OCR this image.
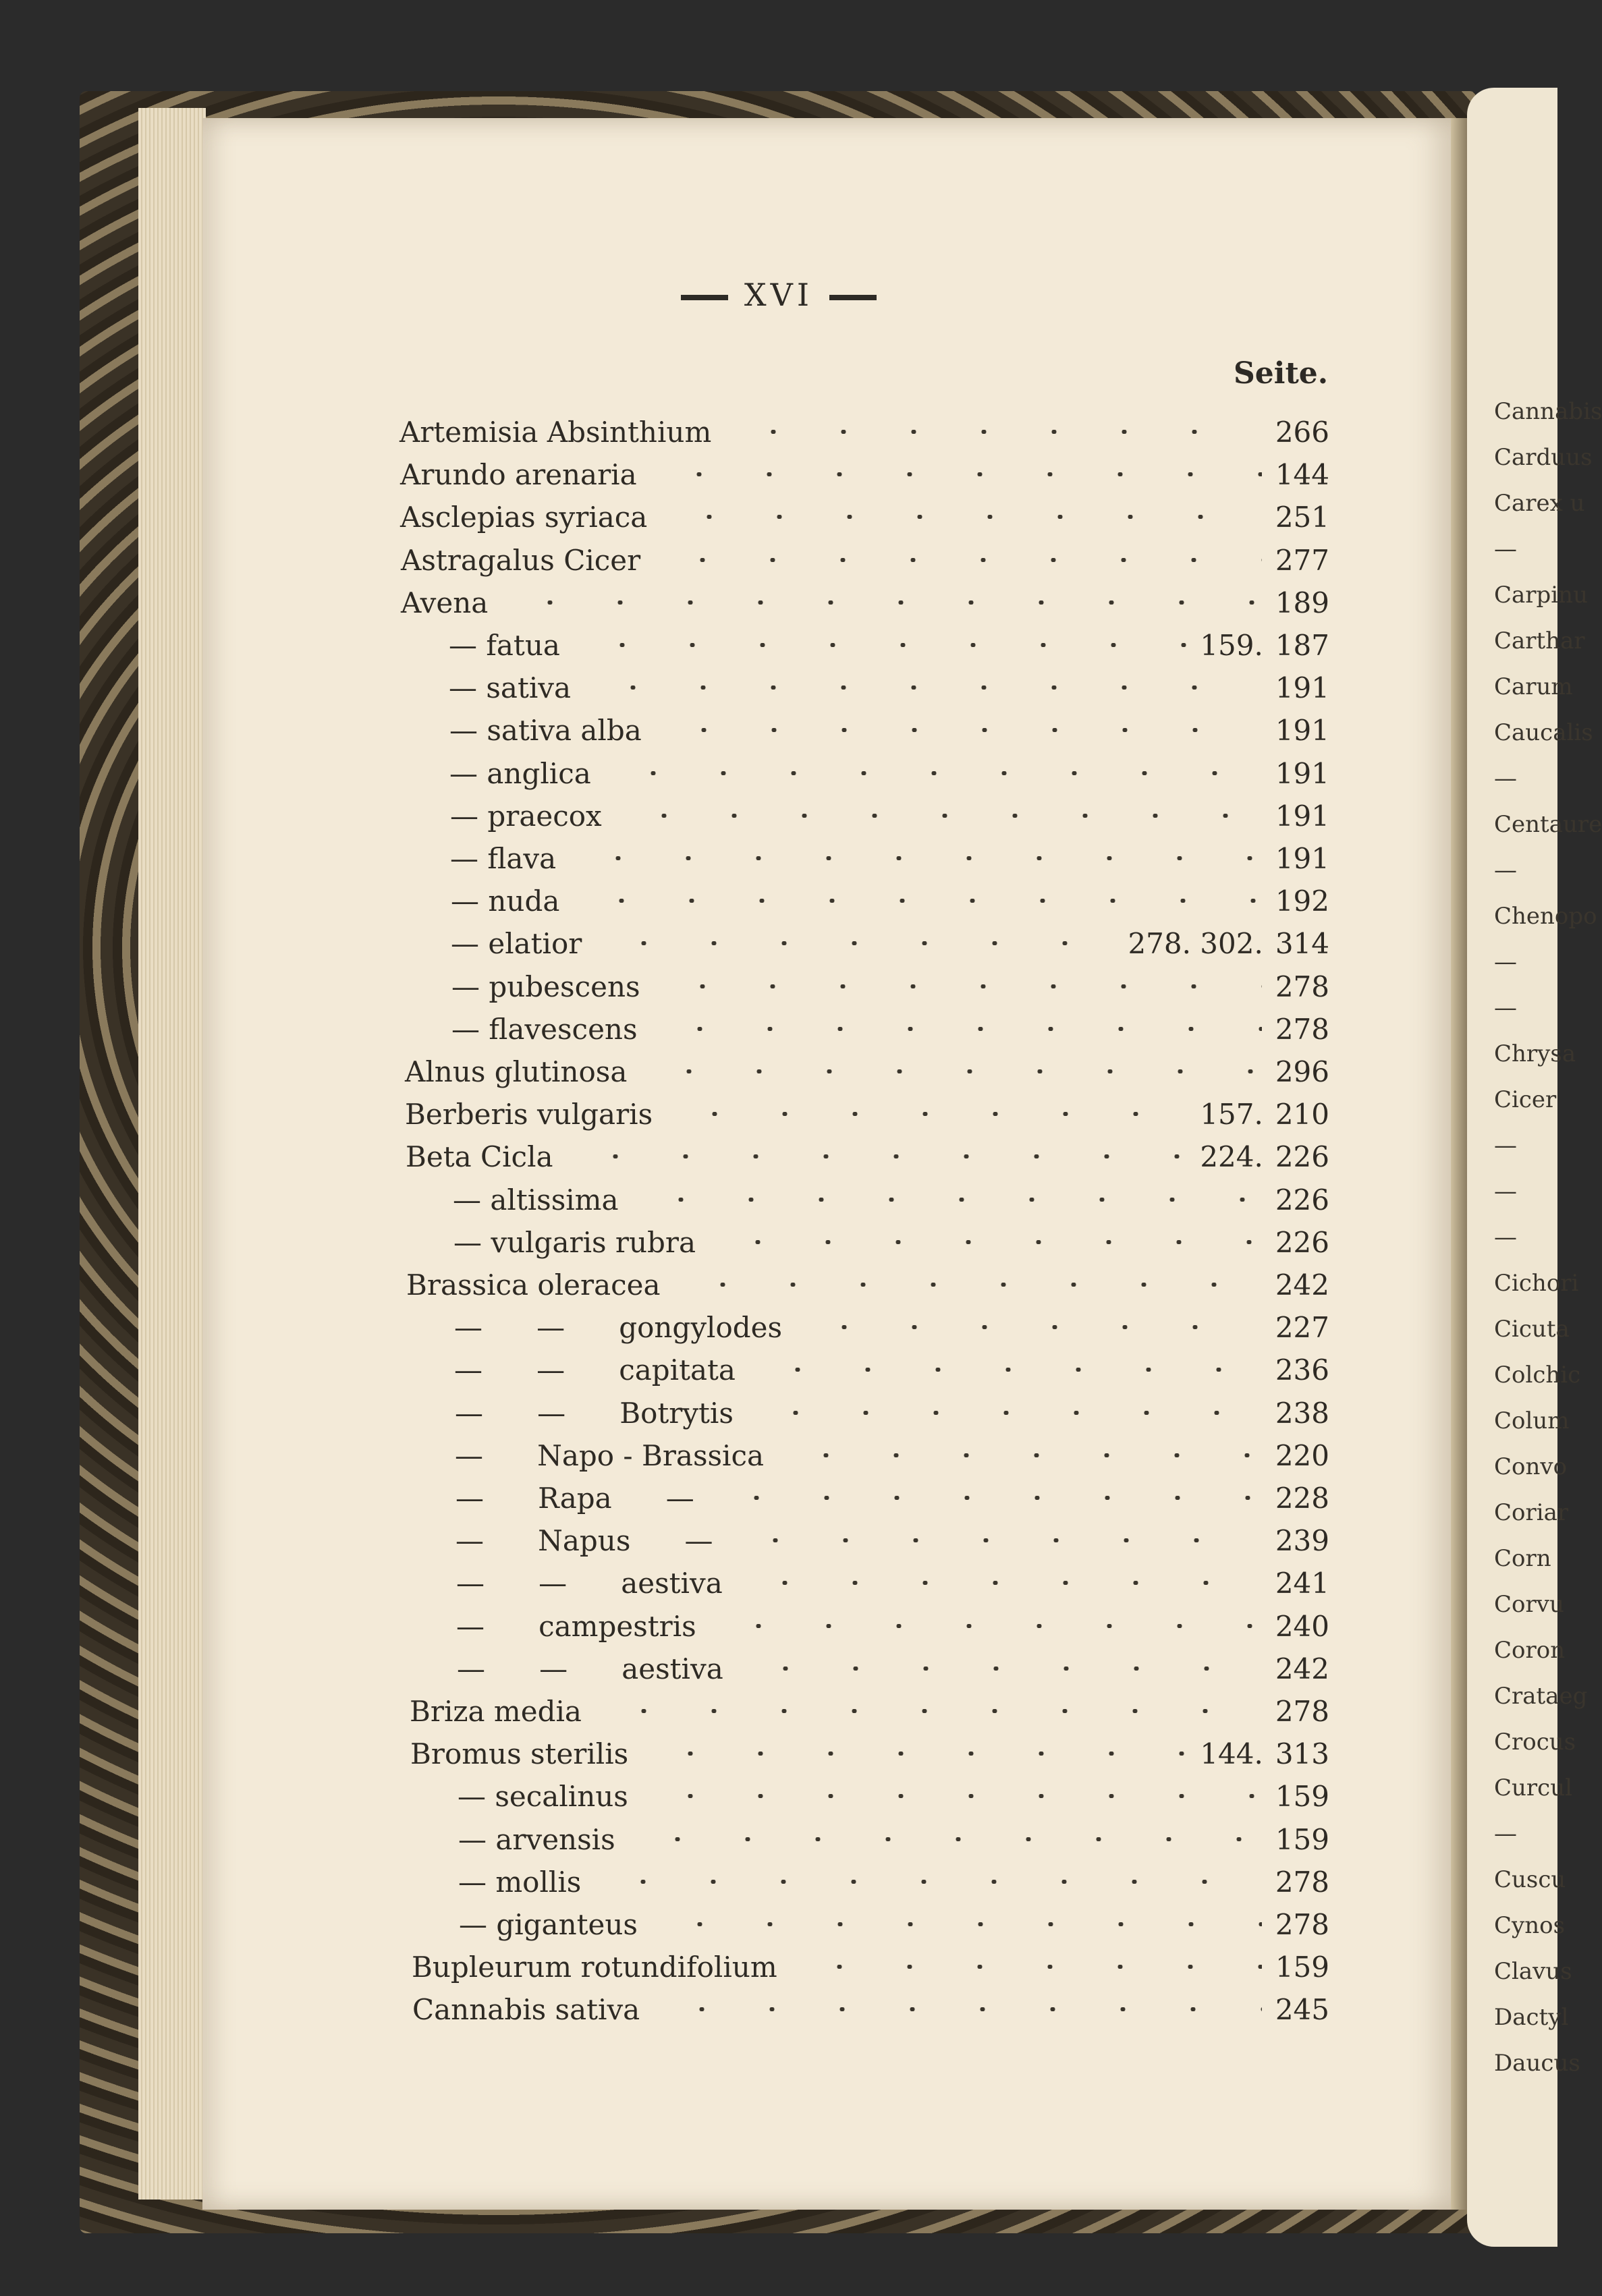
Cannabis
Carduus
Carex u
—
Carpinu
Carthar
Carum
Caucalis
—
Centaure
—
Chenopo
—
—
Chrysa
Cicer
—
—
—
Cichori
Cicuta
Colchic
Colum
Convo
Coriar
Corn
Corvu
Coron
Crataeg
Crocus
Curcul
—
Cuscu
Cynos
Clavus
Dactyl
Daucus
XVI
Seite.
Artemisia Absinthium	266
Arundo arenaria	144
Asclepias syriaca	251
Astragalus Cicer	277
Avena	189
— fatua	159. 187
— sativa	191
— sativa alba	191
— anglica	191
— praecox	191
— flava	191
— nuda	192
— elatior	278. 302. 314
— pubescens	278
— flavescens	278
Alnus glutinosa	296
Berberis vulgaris	157. 210
Beta Cicla	224. 226
— altissima	226
— vulgaris rubra	226
Brassica oleracea	242
—      —      gongylodes	227
—      —      capitata	236
—      —      Botrytis	238
—      Napo - Brassica	220
—      Rapa      —	228
—      Napus      —	239
—      —      aestiva	241
—      campestris	240
—      —      aestiva	242
Briza media	278
Bromus sterilis	144. 313
— secalinus	159
— arvensis	159
— mollis	278
— giganteus	278
Bupleurum rotundifolium	159
Cannabis sativa	245
